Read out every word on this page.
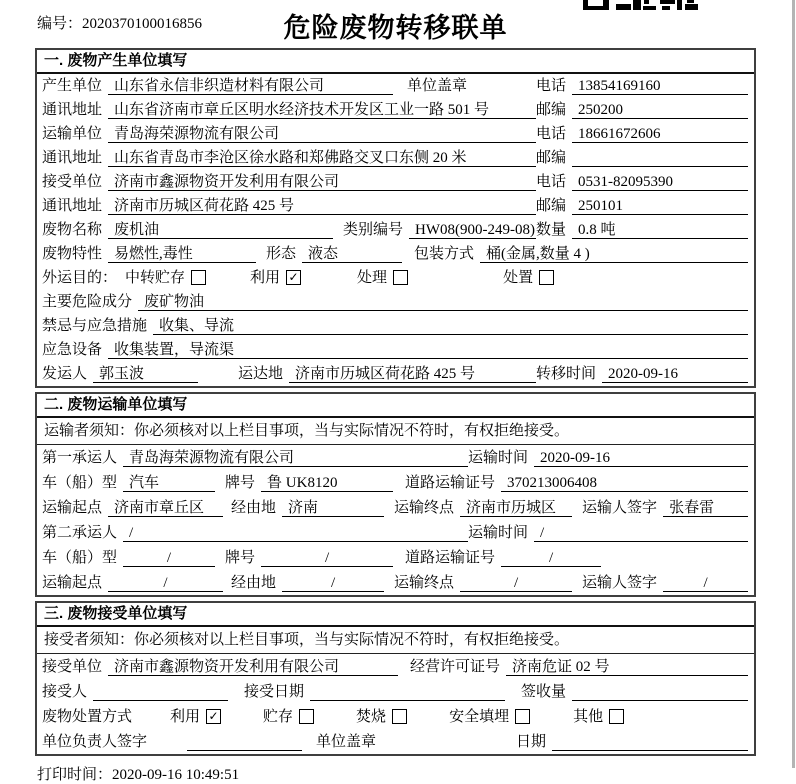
编号：2020370100016856	危险废物转移联单
一. 废物产生单位填写
产生单位 山东省永信非织造材料有限公司	单位盖章	电话 13854169160
通讯地址 山东省济南市章丘区明水经济技术开发区工业一路 501 号	邮编 250200
运输单位 青岛海荣源物流有限公司	电话 18661672606
通讯地址 山东省青岛市李沧区徐水路和郑佛路交叉口东侧 20 米	邮编
接受单位 济南市鑫源物资开发利用有限公司	电话 0531-82095390
通讯地址 济南市历城区荷花路 425 号	邮编 250101
废物名称 废机油	类别编号 HW08(900-249-08) 数量 0.8 吨
废物特性 易燃性,毒性	形态 液态	包装方式 桶(金属,数量 4 )
外运目的： 中转贮存	利用 ✓	处理	处置
主要危险成分 废矿物油
禁忌与应急措施 收集、导流
应急设备 收集装置，导流渠
发运人 郭玉波	运达地 济南市历城区荷花路 425 号	转移时间 2020-09-16
二. 废物运输单位填写
运输者须知：你必须核对以上栏目事项，当与实际情况不符时，有权拒绝接受。
第一承运人 青岛海荣源物流有限公司	运输时间 2020-09-16
车（船）型 汽车	牌号 鲁 UK8120	道路运输证号 370213006408
运输起点 济南市章丘区	经由地 济南	运输终点 济南市历城区	运输人签字 张春雷
第二承运人 /	运输时间 /
车（船）型	/	牌号	/	道路运输证号	/
运输起点	/	经由地	/	运输终点	/	运输人签字	/
三. 废物接受单位填写
接受者须知：你必须核对以上栏目事项，当与实际情况不符时，有权拒绝接受。
接受单位 济南市鑫源物资开发利用有限公司	经营许可证号 济南危证 02 号
接受人	接受日期	签收量
废物处置方式	利用 ✓	贮存	焚烧	安全填埋	其他
单位负责人签字	单位盖章	日期
打印时间：2020-09-16 10:49:51
